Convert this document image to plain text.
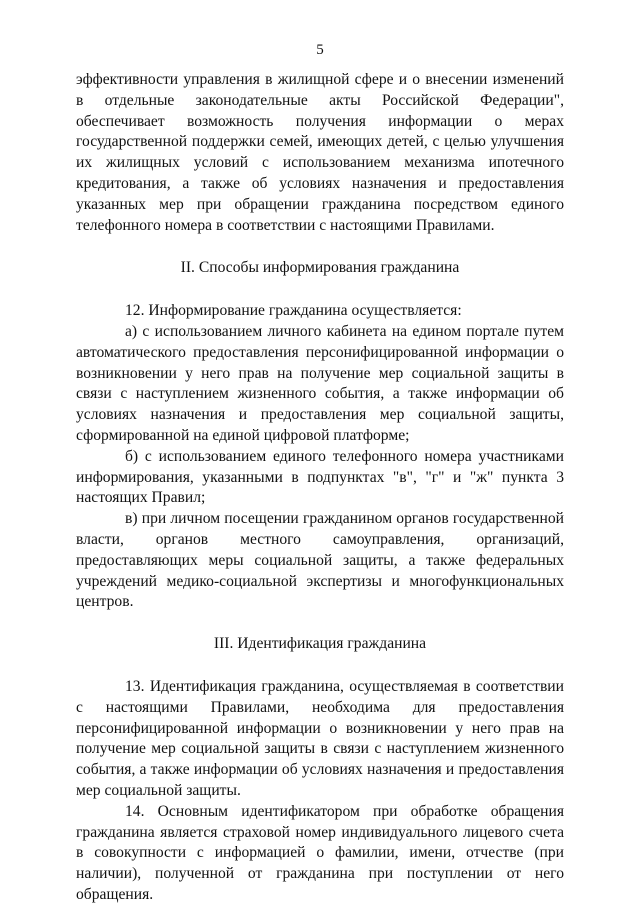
5

эффективности управления в жилищной сфере и о внесении изменений в отдельные законодательные акты Российской Федерации", обеспечивает возможность получения информации о мерах государственной поддержки семей, имеющих детей, с целью улучшения их жилищных условий с использованием механизма ипотечного кредитования, а также об условиях назначения и предоставления указанных мер при обращении гражданина посредством единого телефонного номера в соответствии с настоящими Правилами.

II. Способы информирования гражданина

12. Информирование гражданина осуществляется:

а) с использованием личного кабинета на едином портале путем автоматического предоставления персонифицированной информации о возникновении у него прав на получение мер социальной защиты в связи с наступлением жизненного события, а также информации об условиях назначения и предоставления мер социальной защиты, сформированной на единой цифровой платформе;

б) с использованием единого телефонного номера участниками информирования, указанными в подпунктах "в", "г" и "ж" пункта 3 настоящих Правил;

в) при личном посещении гражданином органов государственной власти, органов местного самоуправления, организаций, предоставляющих меры социальной защиты, а также федеральных учреждений медико-социальной экспертизы и многофункциональных центров.

III. Идентификация гражданина

13. Идентификация гражданина, осуществляемая в соответствии с настоящими Правилами, необходима для предоставления персонифицированной информации о возникновении у него прав на получение мер социальной защиты в связи с наступлением жизненного события, а также информации об условиях назначения и предоставления мер социальной защиты.

14. Основным идентификатором при обработке обращения гражданина является страховой номер индивидуального лицевого счета в совокупности с информацией о фамилии, имени, отчестве (при наличии), полученной от гражданина при поступлении от него обращения.
